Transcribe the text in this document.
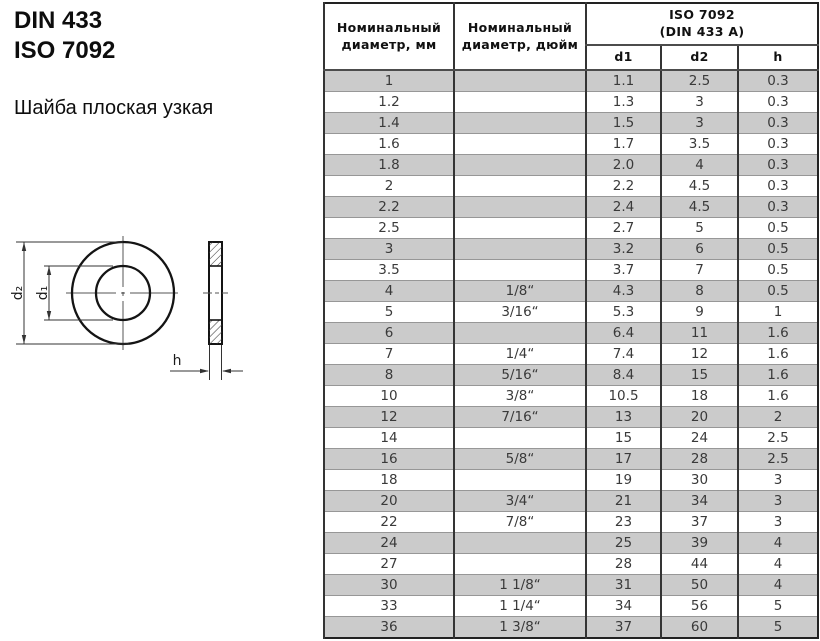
DIN 433
ISO 7092
Шайба плоская узкая
d₂ d₁
h
Номинальный диаметр, мм	Номинальный диаметр, дюйм	ISO 7092
(DIN 433 A)		

		d1	d2	h
1		1.1	2.5	0.3
1.2		1.3	3	0.3
1.4		1.5	3	0.3
1.6		1.7	3.5	0.3
1.8		2.0	4	0.3
2		2.2	4.5	0.3
2.2		2.4	4.5	0.3
2.5		2.7	5	0.5
3		3.2	6	0.5
3.5		3.7	7	0.5
4	1/8“	4.3	8	0.5
5	3/16“	5.3	9	1
6		6.4	11	1.6
7	1/4“	7.4	12	1.6
8	5/16“	8.4	15	1.6
10	3/8“	10.5	18	1.6
12	7/16“	13	20	2
14		15	24	2.5
16	5/8“	17	28	2.5
18		19	30	3
20	3/4“	21	34	3
22	7/8“	23	37	3
24		25	39	4
27		28	44	4
30	1 1/8“	31	50	4
33	1 1/4“	34	56	5
36	1 3/8“	37	60	5
